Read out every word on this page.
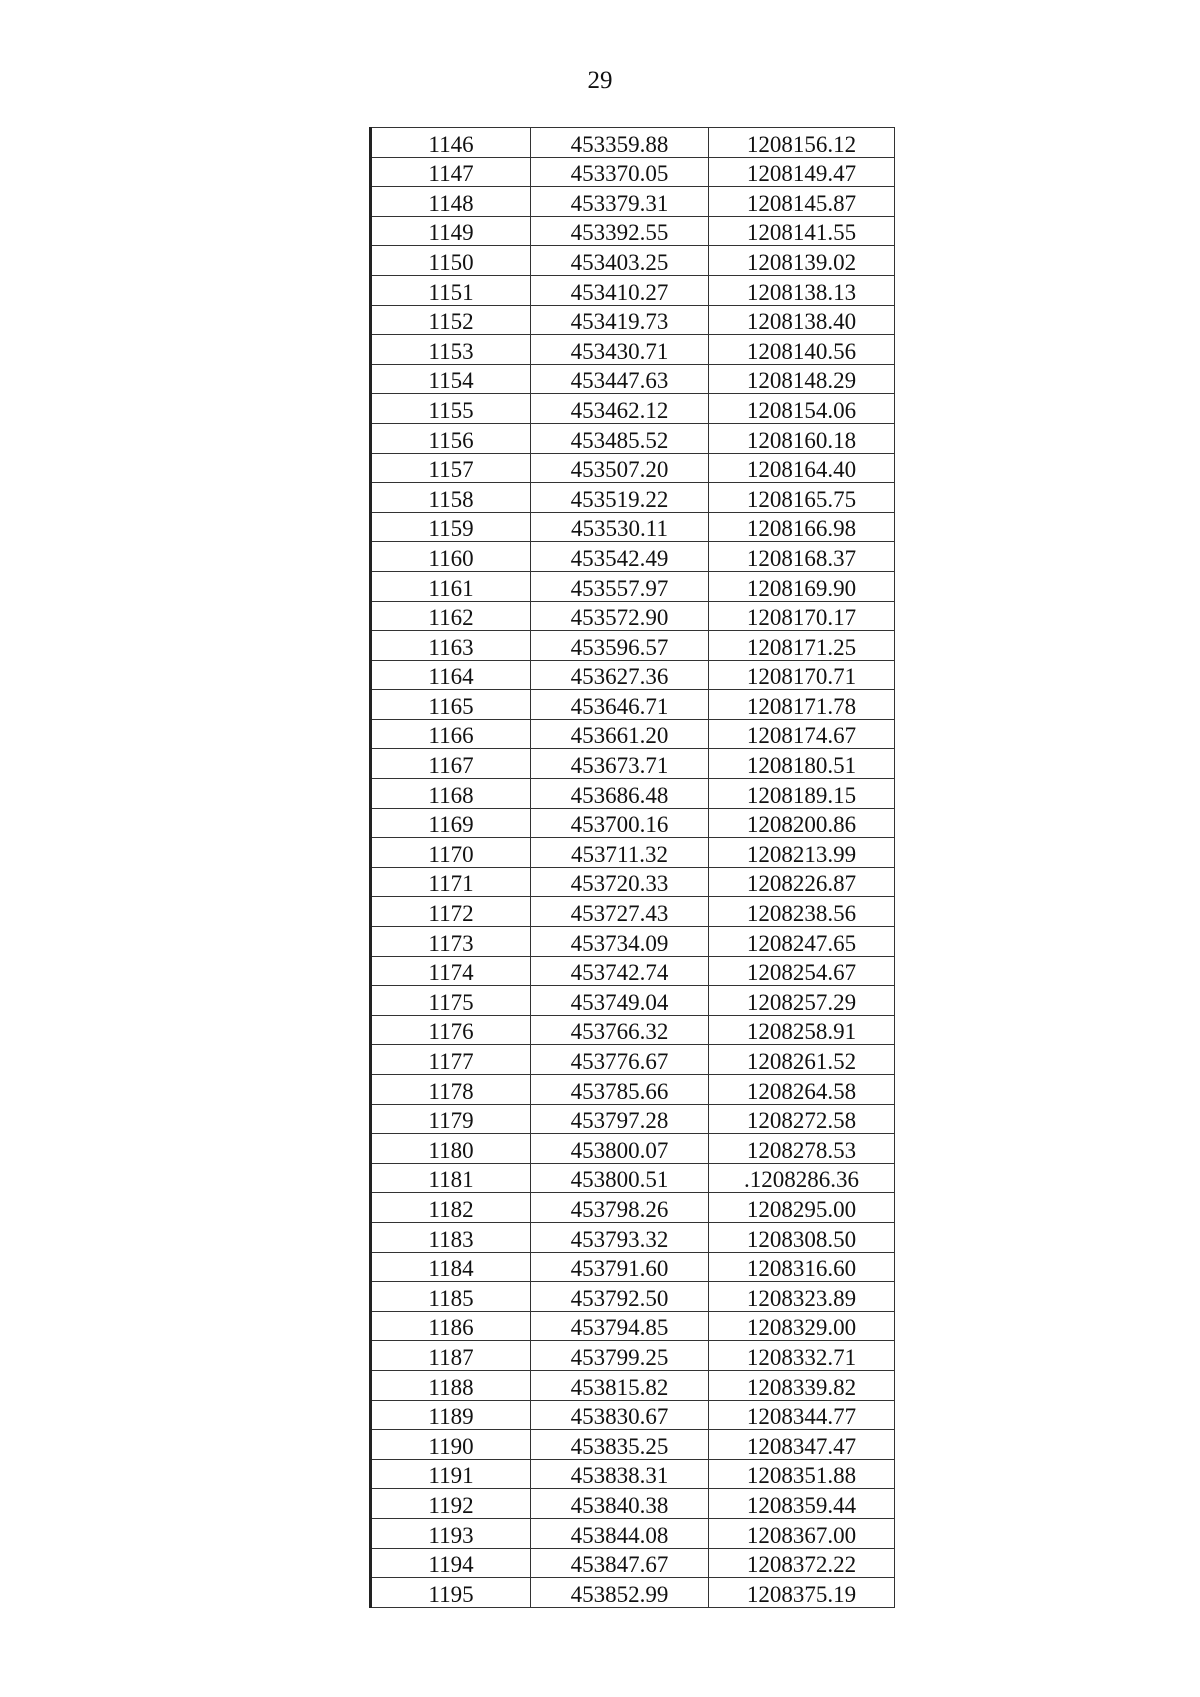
29
1146	453359.88	1208156.12
1147	453370.05	1208149.47
1148	453379.31	1208145.87
1149	453392.55	1208141.55
1150	453403.25	1208139.02
1151	453410.27	1208138.13
1152	453419.73	1208138.40
1153	453430.71	1208140.56
1154	453447.63	1208148.29
1155	453462.12	1208154.06
1156	453485.52	1208160.18
1157	453507.20	1208164.40
1158	453519.22	1208165.75
1159	453530.11	1208166.98
1160	453542.49	1208168.37
1161	453557.97	1208169.90
1162	453572.90	1208170.17
1163	453596.57	1208171.25
1164	453627.36	1208170.71
1165	453646.71	1208171.78
1166	453661.20	1208174.67
1167	453673.71	1208180.51
1168	453686.48	1208189.15
1169	453700.16	1208200.86
1170	453711.32	1208213.99
1171	453720.33	1208226.87
1172	453727.43	1208238.56
1173	453734.09	1208247.65
1174	453742.74	1208254.67
1175	453749.04	1208257.29
1176	453766.32	1208258.91
1177	453776.67	1208261.52
1178	453785.66	1208264.58
1179	453797.28	1208272.58
1180	453800.07	1208278.53
1181	453800.51	.1208286.36
1182	453798.26	1208295.00
1183	453793.32	1208308.50
1184	453791.60	1208316.60
1185	453792.50	1208323.89
1186	453794.85	1208329.00
1187	453799.25	1208332.71
1188	453815.82	1208339.82
1189	453830.67	1208344.77
1190	453835.25	1208347.47
1191	453838.31	1208351.88
1192	453840.38	1208359.44
1193	453844.08	1208367.00
1194	453847.67	1208372.22
1195	453852.99	1208375.19
